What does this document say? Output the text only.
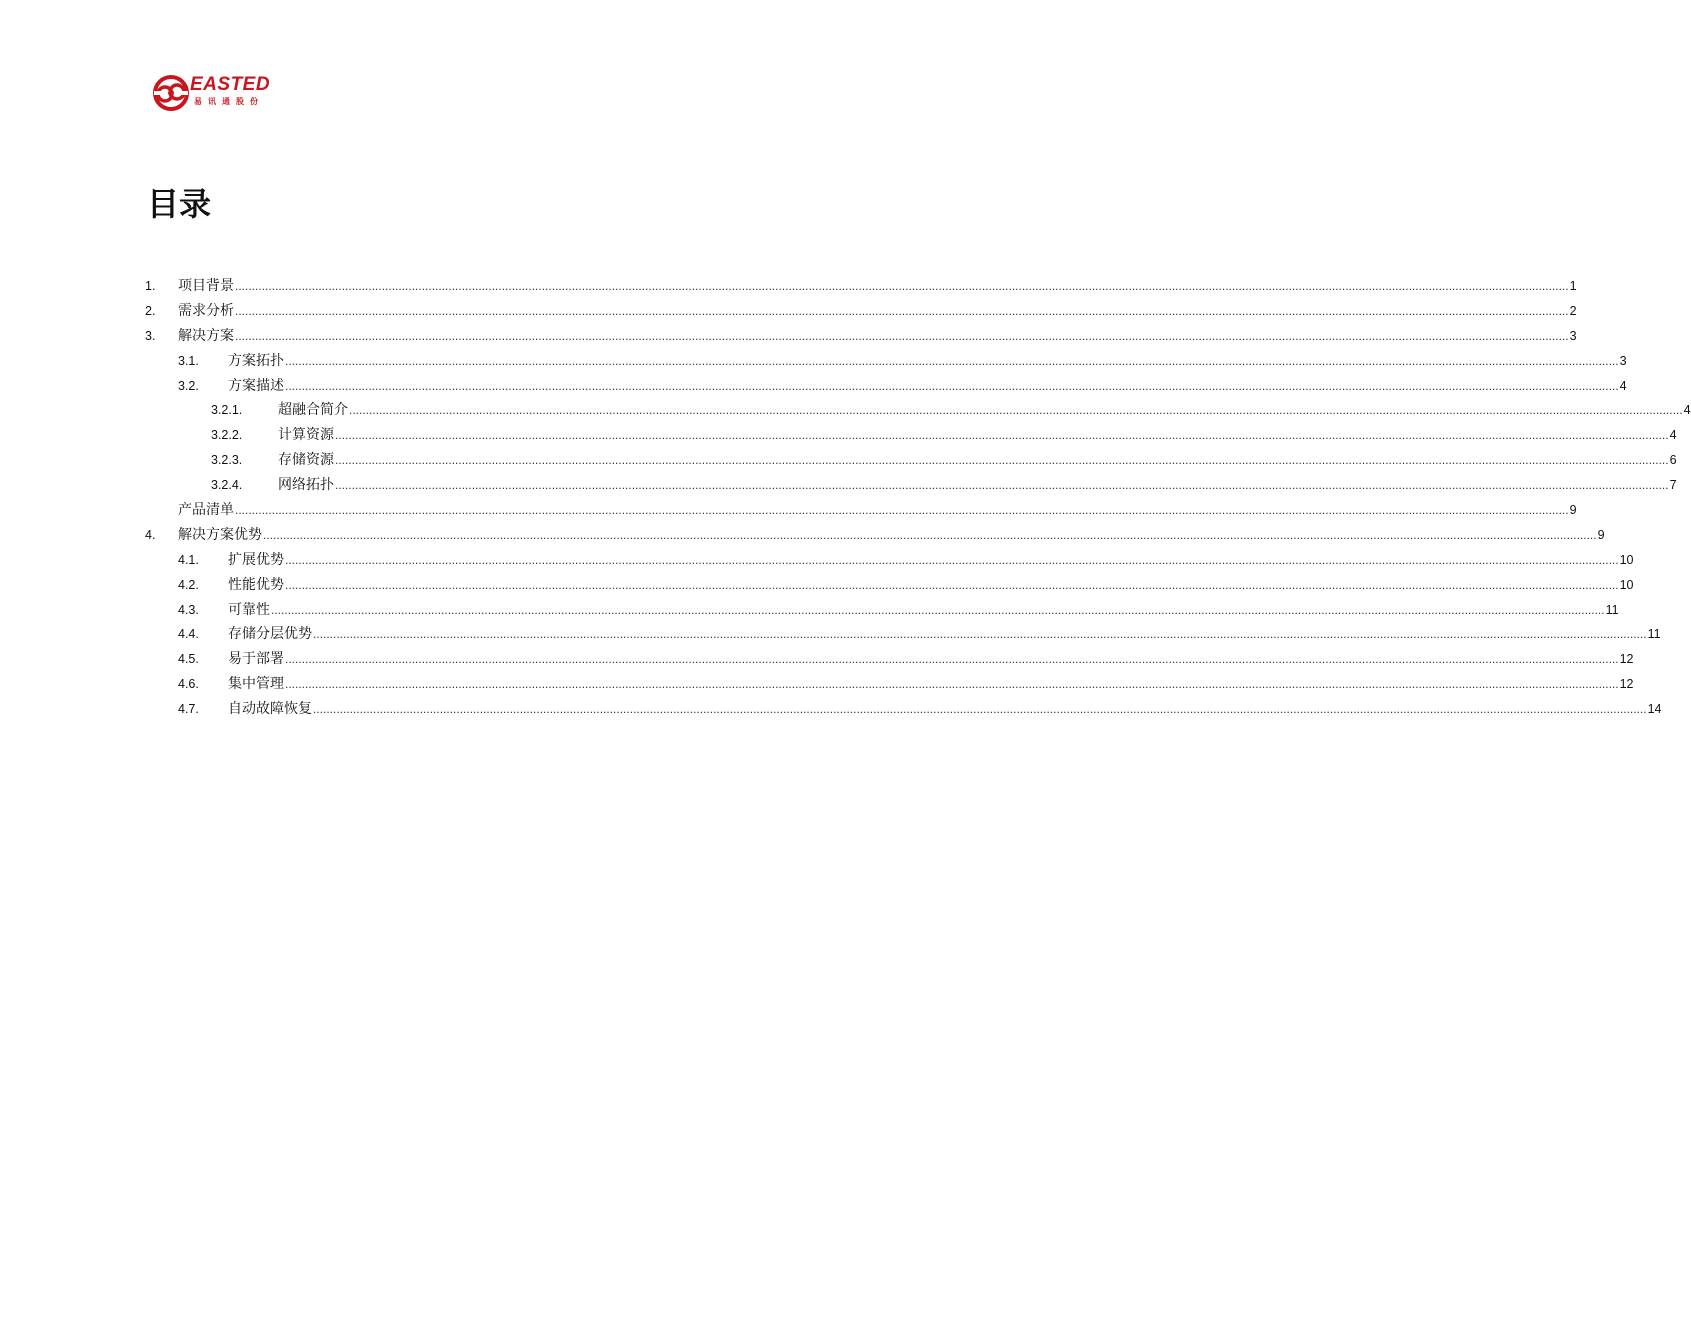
EASTED
易讯通股份
目录
1.	项目背景 ................................................................................................................................................................................................................................................................................................................................................................................................................ 1
2.	需求分析 ................................................................................................................................................................................................................................................................................................................................................................................................................ 2
3.	解决方案 ................................................................................................................................................................................................................................................................................................................................................................................................................ 3
3.1.	方案拓扑 ................................................................................................................................................................................................................................................................................................................................................................................................................ 3
3.2.	方案描述 ................................................................................................................................................................................................................................................................................................................................................................................................................ 4
3.2.1.	超融合简介 ................................................................................................................................................................................................................................................................................................................................................................................................................ 4
3.2.2.	计算资源 ................................................................................................................................................................................................................................................................................................................................................................................................................ 4
3.2.3.	存储资源 ................................................................................................................................................................................................................................................................................................................................................................................................................ 6
3.2.4.	网络拓扑 ................................................................................................................................................................................................................................................................................................................................................................................................................ 7
产品清单 ................................................................................................................................................................................................................................................................................................................................................................................................................ 9
4.	解决方案优势 ................................................................................................................................................................................................................................................................................................................................................................................................................ 9
4.1.	扩展优势 ................................................................................................................................................................................................................................................................................................................................................................................................................ 10
4.2.	性能优势 ................................................................................................................................................................................................................................................................................................................................................................................................................ 10
4.3.	可靠性 ................................................................................................................................................................................................................................................................................................................................................................................................................ 11
4.4.	存储分层优势 ................................................................................................................................................................................................................................................................................................................................................................................................................ 11
4.5.	易于部署 ................................................................................................................................................................................................................................................................................................................................................................................................................ 12
4.6.	集中管理 ................................................................................................................................................................................................................................................................................................................................................................................................................ 12
4.7.	自动故障恢复 ................................................................................................................................................................................................................................................................................................................................................................................................................ 14
